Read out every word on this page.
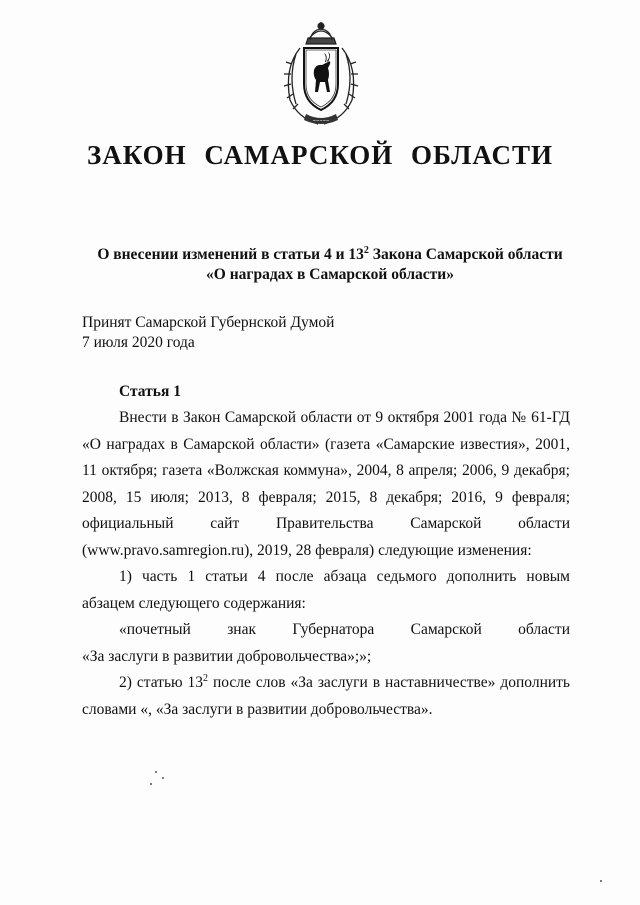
~~~~~
ЗАКОН САМАРСКОЙ ОБЛАСТИ
О внесении изменений в статьи 4 и $13^2$ Закона Самарской области
«О наградах в Самарской области»
Принят Самарской Губернской Думой
7 июля 2020 года
Статья 1

Внести в Закон Самарской области от 9 октября 2001 года № 61-ГД «О наградах в Самарской области» (газета «Самарские известия», 2001, 11 октября; газета «Волжская коммуна», 2004, 8 апреля; 2006, 9 декабря; 2008, 15 июля; 2013, 8 февраля; 2015, 8 декабря; 2016, 9 февраля; официальный сайт Правительства Самарской области (www.pravo.samregion.ru), 2019, 28 февраля) следующие изменения:

1) часть 1 статьи 4 после абзаца седьмого дополнить новым абзацем следующего содержания:

«почетный знак Губернатора Самарской области

«За заслуги в развитии добровольчества»;»;

2) статью $13^2$ после слов «За заслуги в наставничестве» дополнить словами «, «За заслуги в развитии добровольчества».
